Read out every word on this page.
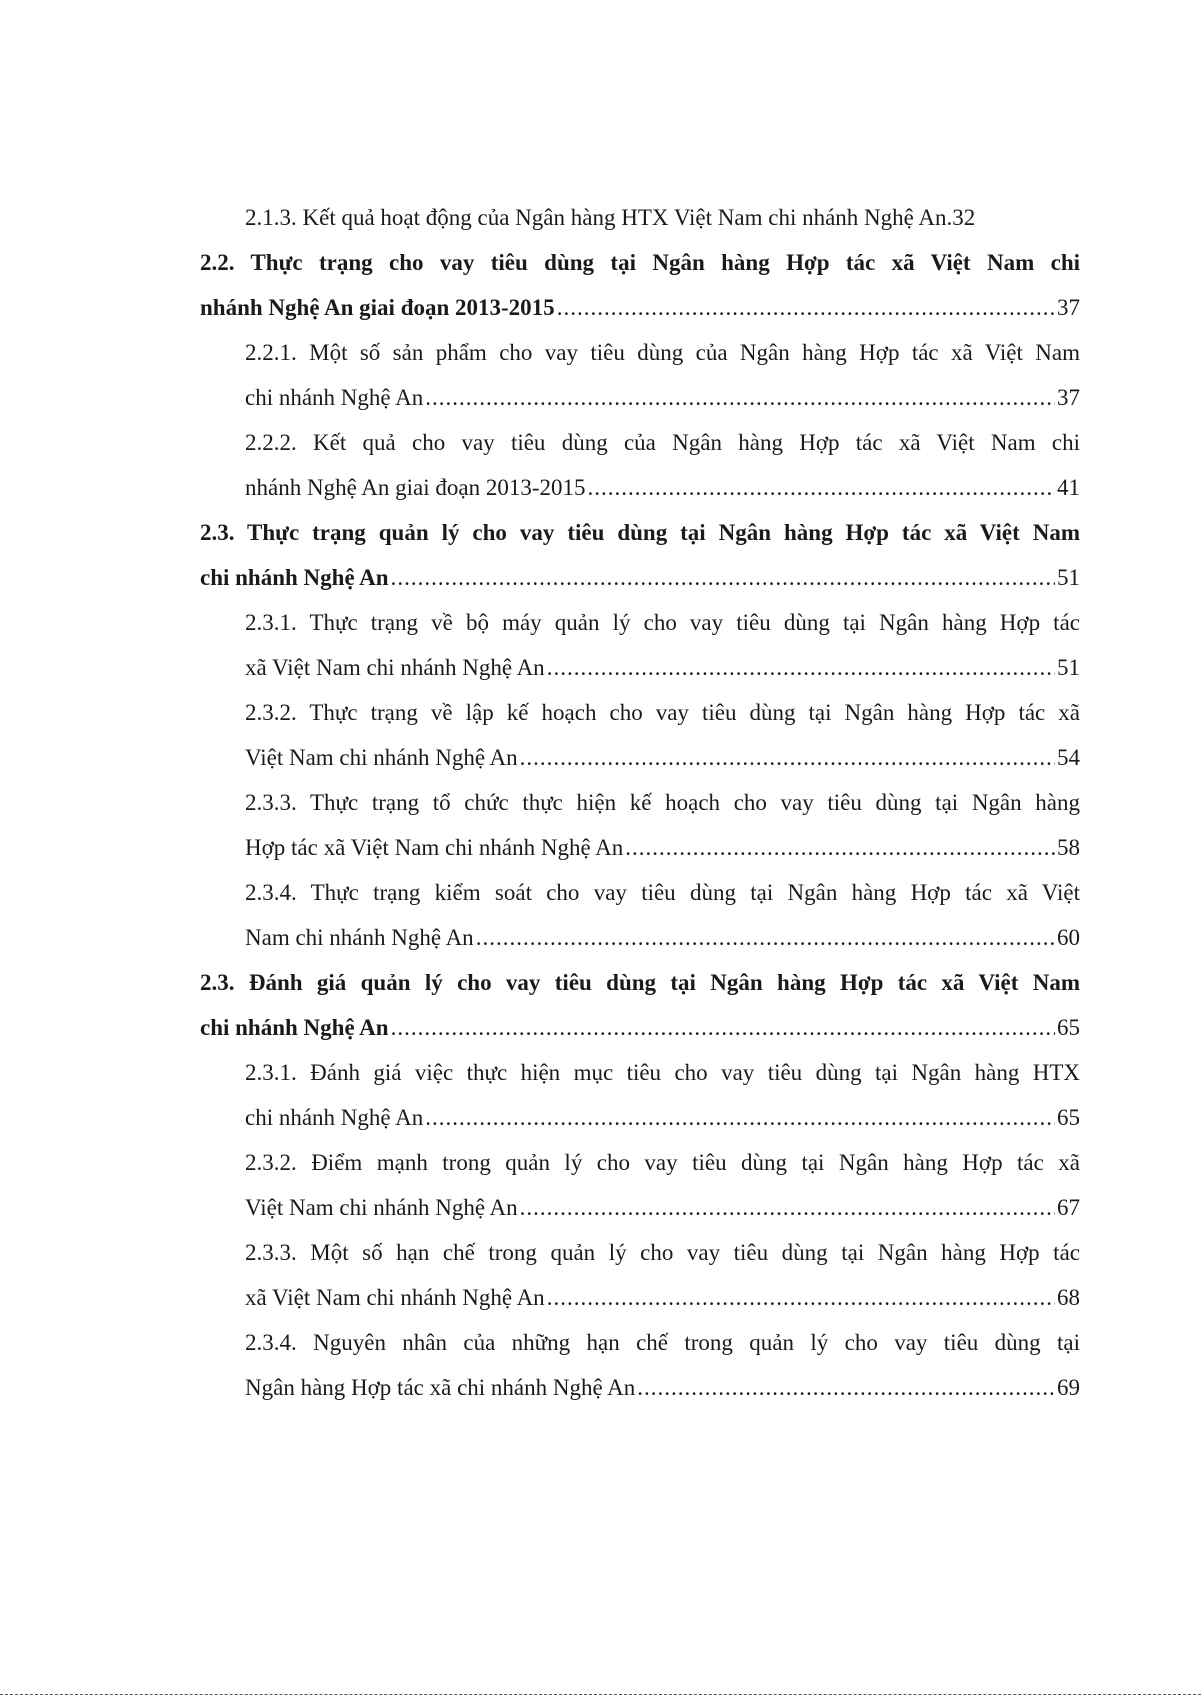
2.1.3. Kết quả hoạt động của Ngân hàng HTX Việt Nam chi nhánh Nghệ An .32
2.2. Thực trạng cho vay tiêu dùng tại Ngân hàng Hợp tác xã Việt Nam chi
nhánh Nghệ An giai đoạn 2013-2015 .....	37
2.2.1. Một số sản phẩm cho vay tiêu dùng của Ngân hàng Hợp tác xã Việt Nam
chi nhánh Nghệ An .....	37
2.2.2. Kết quả cho vay tiêu dùng của Ngân hàng Hợp tác xã Việt Nam chi
nhánh Nghệ An giai đoạn 2013-2015 .....	41
2.3. Thực trạng quản lý cho vay tiêu dùng tại Ngân hàng Hợp tác xã Việt Nam
chi nhánh Nghệ An .....	51
2.3.1. Thực trạng về bộ máy quản lý cho vay tiêu dùng tại Ngân hàng Hợp tác
xã Việt Nam chi nhánh Nghệ An .....	51
2.3.2. Thực trạng về lập kế hoạch cho vay tiêu dùng tại Ngân hàng Hợp tác xã
Việt Nam chi nhánh Nghệ An .....	54
2.3.3. Thực trạng tổ chức thực hiện kế hoạch cho vay tiêu dùng tại Ngân hàng
Hợp tác xã Việt Nam chi nhánh Nghệ An .....	58
2.3.4. Thực trạng kiểm soát cho vay tiêu dùng tại Ngân hàng Hợp tác xã Việt
Nam chi nhánh Nghệ An .....	60
2.3. Đánh giá quản lý cho vay tiêu dùng tại Ngân hàng Hợp tác xã Việt Nam
chi nhánh Nghệ An .....	65
2.3.1. Đánh giá việc thực hiện mục tiêu cho vay tiêu dùng tại Ngân hàng HTX
chi nhánh Nghệ An .....	65
2.3.2. Điểm mạnh trong quản lý cho vay tiêu dùng tại Ngân hàng Hợp tác xã
Việt Nam chi nhánh Nghệ An .....	67
2.3.3. Một số hạn chế trong quản lý cho vay tiêu dùng tại Ngân hàng Hợp tác
xã Việt Nam chi nhánh Nghệ An .....	68
2.3.4. Nguyên nhân của những hạn chế trong quản lý cho vay tiêu dùng tại
Ngân hàng Hợp tác xã chi nhánh Nghệ An .....	69
